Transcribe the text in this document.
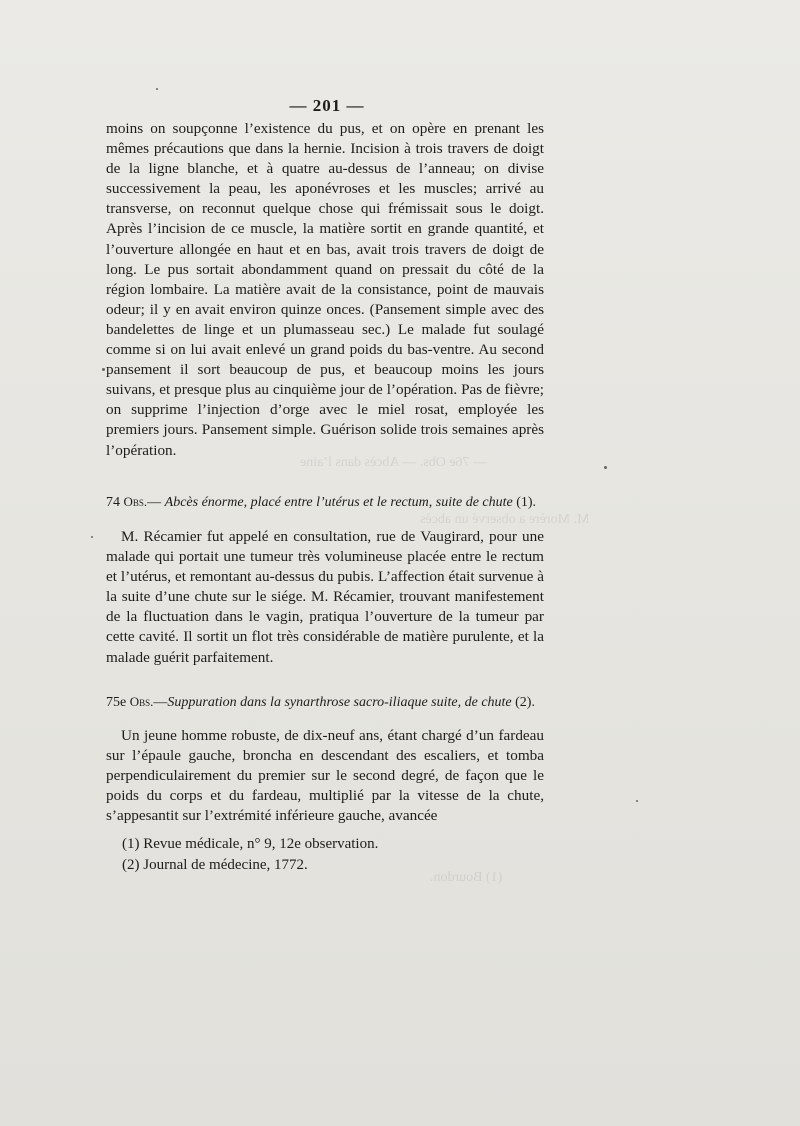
— 76e Obs. — Abcès dans l’aine
M. Morère a observé un abcès
(1) Bourdon.
— 201 —

moins on soupçonne l’existence du pus, et on opère en prenant les mêmes précautions que dans la hernie. Incision à trois travers de doigt de la ligne blanche, et à quatre au-dessus de l’anneau; on divise successivement la peau, les aponévroses et les muscles; arrivé au transverse, on reconnut quelque chose qui frémissait sous le doigt. Après l’incision de ce muscle, la matière sortit en grande quantité, et l’ouverture allongée en haut et en bas, avait trois travers de doigt de long. Le pus sortait abondamment quand on pressait du côté de la région lombaire. La matière avait de la consistance, point de mauvais odeur; il y en avait environ quinze onces. (Pansement simple avec des bandelettes de linge et un plumasseau sec.) Le malade fut soulagé comme si on lui avait enlevé un grand poids du bas-ventre. Au second pansement il sort beaucoup de pus, et beaucoup moins les jours suivans, et presque plus au cinquième jour de l’opération. Pas de fièvre; on supprime l’injection d’orge avec le miel rosat, employée les premiers jours. Pansement simple. Guérison solide trois semaines après l’opération.

74 Obs.— Abcès énorme, placé entre l’utérus et le rectum, suite de chute (1).

M. Récamier fut appelé en consultation, rue de Vaugirard, pour une malade qui portait une tumeur très volumineuse placée entre le rectum et l’utérus, et remontant au-dessus du pubis. L’affection était survenue à la suite d’une chute sur le siége. M. Récamier, trouvant manifestement de la fluctuation dans le vagin, pratiqua l’ouverture de la tumeur par cette cavité. Il sortit un flot très considérable de matière purulente, et la malade guérit parfaitement.

75e Obs.—Suppuration dans la synarthrose sacro-iliaque suite, de chute (2).

Un jeune homme robuste, de dix-neuf ans, étant chargé d’un fardeau sur l’épaule gauche, broncha en descendant des escaliers, et tomba perpendiculairement du premier sur le second degré, de façon que le poids du corps et du fardeau, multiplié par la vitesse de la chute, s’appesantit sur l’extrémité inférieure gauche, avancée

(1) Revue médicale, n° 9, 12e observation.
(2) Journal de médecine, 1772.
